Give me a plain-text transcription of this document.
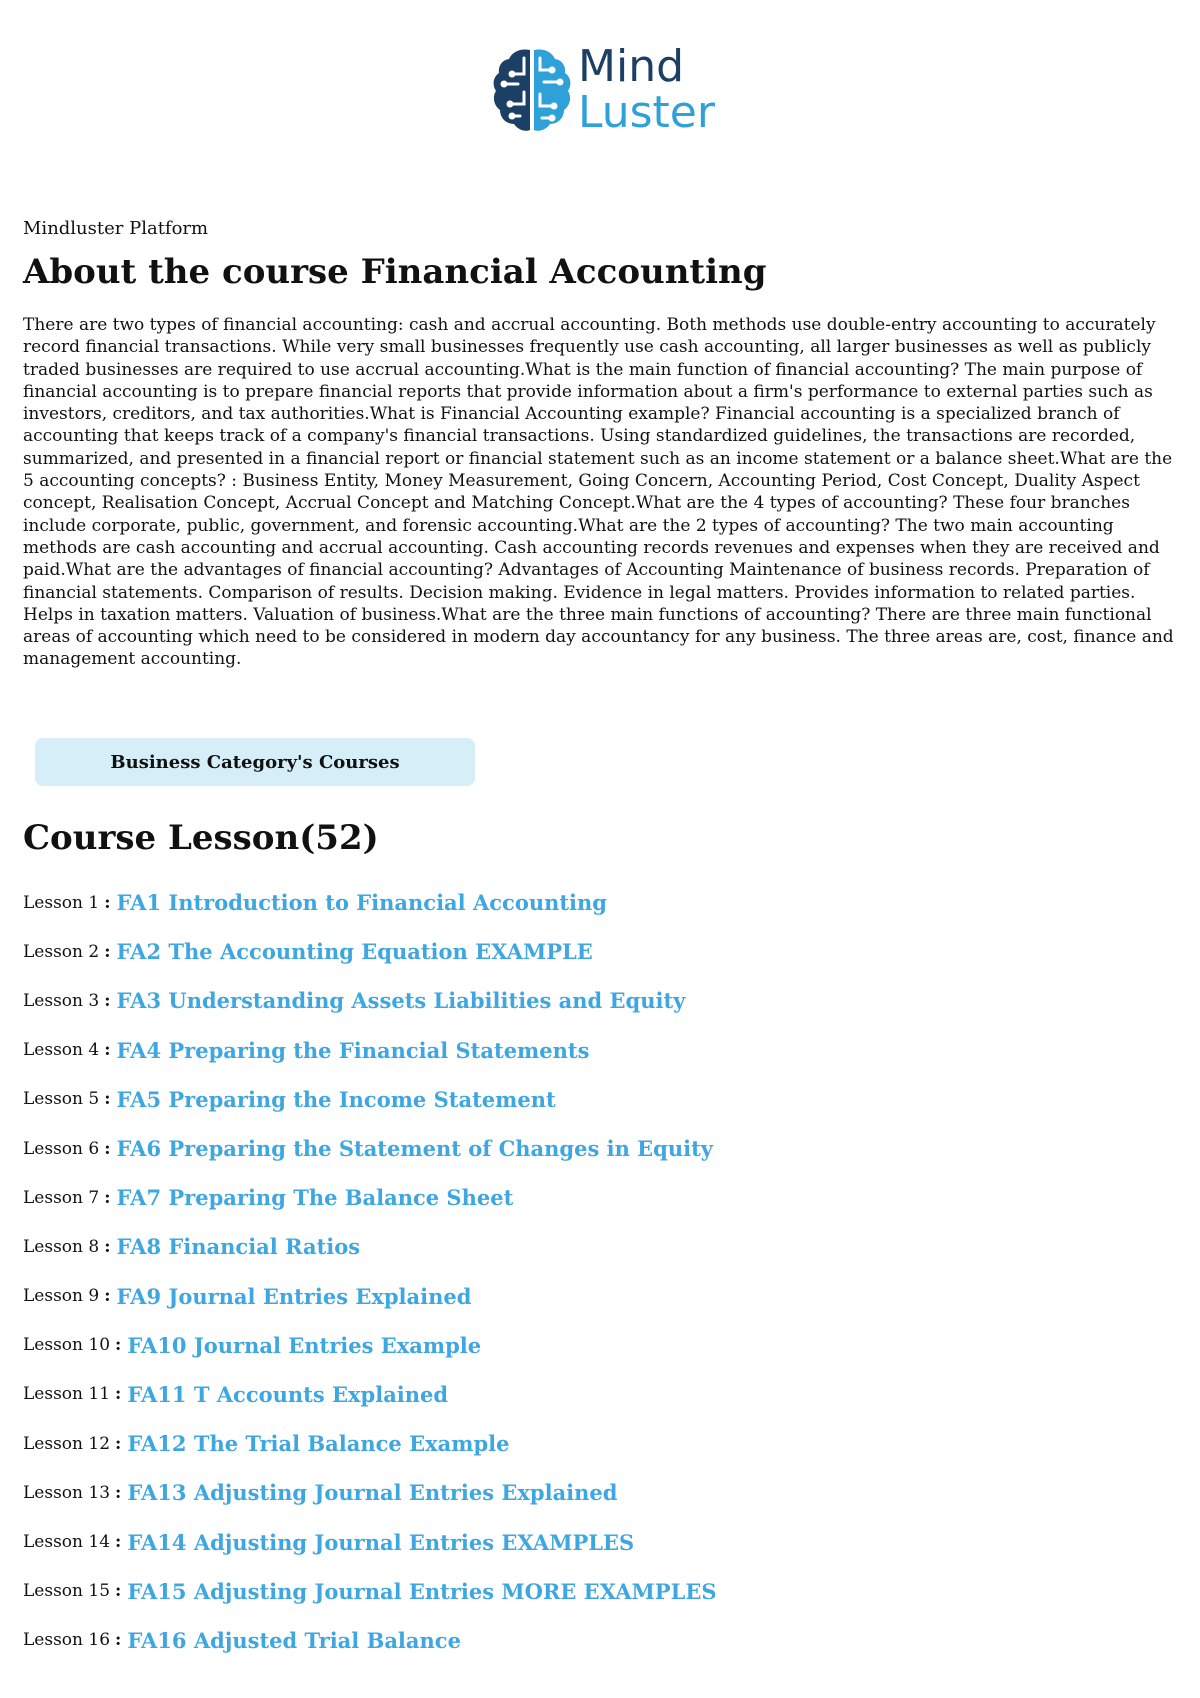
Mind
Luster
Mindluster Platform
About the course Financial Accounting

There are two types of financial accounting: cash and accrual accounting. Both methods use double-entry accounting to accurately record financial transactions. While very small businesses frequently use cash accounting, all larger businesses as well as publicly traded businesses are required to use accrual accounting.What is the main function of financial accounting? The main purpose of financial accounting is to prepare financial reports that provide information about a firm's performance to external parties such as investors, creditors, and tax authorities.What is Financial Accounting example? Financial accounting is a specialized branch of accounting that keeps track of a company's financial transactions. Using standardized guidelines, the transactions are recorded, summarized, and presented in a financial report or financial statement such as an income statement or a balance sheet.What are the 5 accounting concepts? : Business Entity, Money Measurement, Going Concern, Accounting Period, Cost Concept, Duality Aspect concept, Realisation Concept, Accrual Concept and Matching Concept.What are the 4 types of accounting? These four branches include corporate, public, government, and forensic accounting.What are the 2 types of accounting? The two main accounting methods are cash accounting and accrual accounting. Cash accounting records revenues and expenses when they are received and paid.What are the advantages of financial accounting? Advantages of Accounting Maintenance of business records. Preparation of financial statements. Comparison of results. Decision making. Evidence in legal matters. Provides information to related parties. Helps in taxation matters. Valuation of business.What are the three main functions of accounting? There are three main functional areas of accounting which need to be considered in modern day accountancy for any business. The three areas are, cost, finance and management accounting.

Business Category's Courses
Course Lesson(52)
Lesson 1 : FA1 Introduction to Financial Accounting
Lesson 2 : FA2 The Accounting Equation EXAMPLE
Lesson 3 : FA3 Understanding Assets Liabilities and Equity
Lesson 4 : FA4 Preparing the Financial Statements
Lesson 5 : FA5 Preparing the Income Statement
Lesson 6 : FA6 Preparing the Statement of Changes in Equity
Lesson 7 : FA7 Preparing The Balance Sheet
Lesson 8 : FA8 Financial Ratios
Lesson 9 : FA9 Journal Entries Explained
Lesson 10 : FA10 Journal Entries Example
Lesson 11 : FA11 T Accounts Explained
Lesson 12 : FA12 The Trial Balance Example
Lesson 13 : FA13 Adjusting Journal Entries Explained
Lesson 14 : FA14 Adjusting Journal Entries EXAMPLES
Lesson 15 : FA15 Adjusting Journal Entries MORE EXAMPLES
Lesson 16 : FA16 Adjusted Trial Balance
